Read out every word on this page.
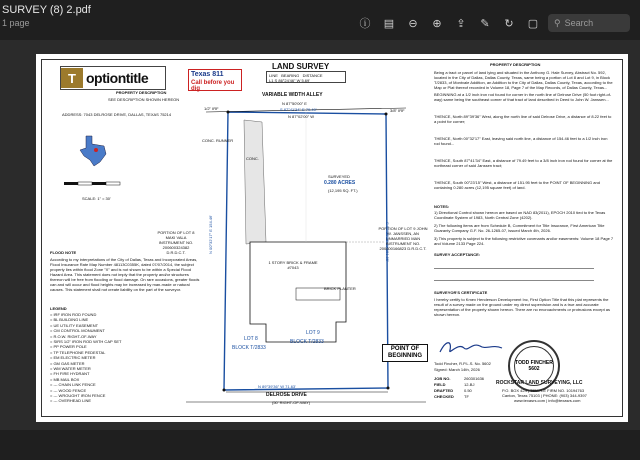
SURVEY (8) 2.pdf
1 page	ⓘ ▤ ⊖ ⊕ ⇪ ✎ ↻ ▢ ⚲ Search
T optiontitle	Texas 811
Call before you dig
LAND SURVEY
LINE BEARING DISTANCE
L1 S 86°24'46" W 5.69'
PROPERTY DESCRIPTION
SEE DESCRIPTION SHOWN HEREON
ADDRESS: 7043 DELROSE DRIVE, DALLAS, TEXAS 75214
SCALE: 1" = 30'
FLOOD NOTE
According to my interpretations of the City of Dallas, Texas and Incorporated Areas, Flood Insurance Rate Map Number 48113C0355K, dated 07/07/2014, the subject property lies within flood Zone "X" and is not shown to be within a Special Flood Hazard Area. This statement does not imply that the property and/or structures thereon will be free from flooding or flood damage. On rare occasions, greater floods can and will occur and flood heights may be increased by man-made or natural causes. This statement shall not create liability on the part of the surveyor.
LEGEND
= IRF IRON ROD FOUND
= BL BUILDING LINE
= UE UTILITY EASEMENT
= CM CONTROL MONUMENT
= R.O.W. RIGHT-OF-WAY
= SIRS 1/2" IRON ROD WITH CAP SET
= PP POWER POLE
= TP TELEPHONE PEDESTAL
= EM ELECTRIC METER
= GM GAS METER
= WM WATER METER
= FH FIRE HYDRANT
= MB MAIL BOX
= --- CHAIN LINK FENCE
= --- WOOD FENCE
= --- WROUGHT IRON FENCE
= --- OVERHEAD LINE
VARIABLE WIDTH ALLEY
N 87°50'00" E
S 87°41'34" E 79.49'
N 87°02'00" W
1/2" IRF	3/8" IRF
CONC. RUNNER
CONC.
SURVEYED
0.280 ACRES
(12,195 SQ. FT.)
1 STORY BRICK & FRAME #7043
BRICK PLANTER
PORTION OF LOT 8 MAKI VALA INSTRUMENT NO. 200600324382 D.R.D.C.T.
PORTION OF LOT 9 JOHN W. JANSSEN, AN UNMARRIED MAN INSTRUMENT NO. 200600166823 D.R.D.C.T.
N 00°32'17" E 154.46'	S 00°23'15" W 151.95'
LOT 8
BLOCK T/2833
LOT 9
BLOCK T/2833
N 89°39'36" W 71.63'
DELROSE DRIVE
(50' RIGHT-OF-WAY)
POINT OF BEGINNING
PROPERTY DESCRIPTION
Being a tract or parcel of land lying and situated in the Anthony G. Hale Survey, Abstract No. 592, located in the City of Dallas, Dallas County, Texas, same being a portion of Lot 8 and Lot 9, in Block T/2833, of Montvale Addition, an Addition to the City of Dallas, Dallas County, Texas, according to the Map or Plat thereof recorded in Volume 18, Page 7 of the Map Records, of Dallas County, Texas...
BEGINNING at a 1/2 inch iron rod found for corner in the north line of Delrose Drive (50 foot right-of-way) same being the southeast corner of that tract of land described in Deed to John W. Janssen...
THENCE, North 89°39'36" West, along the north line of said Delrose Drive, a distance of 8.22 feet to a point for corner;
THENCE, North 00°32'17" East, leaving said north line, a distance of 154.46 feet to a 1/2 inch iron rod found...
THENCE, South 87°41'34" East, a distance of 79.49 feet to a 3/8 inch iron rod found for corner at the northeast corner of said Janssen tract;
THENCE, South 00°23'15" West, a distance of 151.95 feet to the POINT OF BEGINNING and containing 0.280 acres (12,195 square feet) of land.
NOTES:
1) Directional Control shown hereon are based on NAD 83(2011), EPOCH 2010 tied to the Texas Coordinate System of 1983, North Central Zone (4202).
2) The following items are from Schedule B, Commitment for Title Insurance, First American Title Guaranty Company G.F. No. 26-1265-07, issued March 4th, 2026.
3) This property is subject to the following restrictive covenants and/or easements: Volume 18 Page 7 and Volume 2133 Page 224.
SURVEY ACCEPTANCE:
SURVEYOR'S CERTIFICATE
I hereby certify to Kmex Henderson Development Inc, First Option Title that this plat represents the result of a survey made on the ground under my direct supervision and is a true and accurate representation of the property shown hereon. There are no encroachments or protrusions except as shown hereon.
TODD FINCHER 5602
Todd Fincher, R.P.L.S. No. 5602
Signed: March 14th, 2026
JOB NO.	260301636
FIELD	12-BJ
DRAFTED	0.50
CHECKED	TF
ROCKSTAR LAND SURVEYING, LLC
P.O. BOX 424 | TEMPLE FIRM NO. 10194763
Canton, Texas 75103 | PHONE: (903) 344-9397
www.texasrs.com | info@texasrs.com
